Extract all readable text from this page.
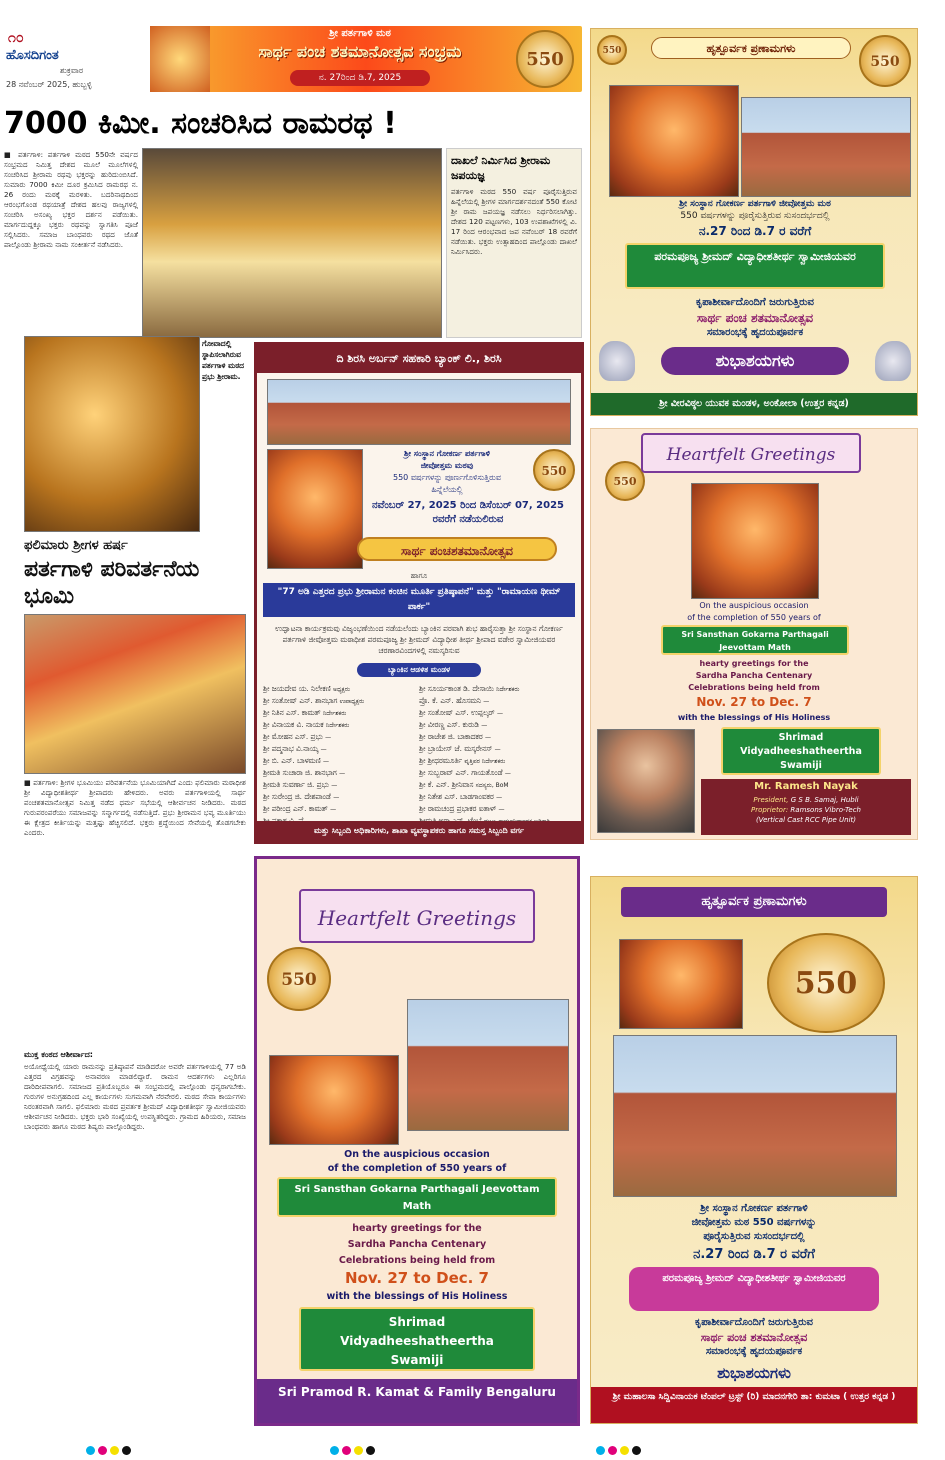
೧೦
ಹೊಸದಿಗಂತ
ಶುಕ್ರವಾರ
28 ನವೆಂಬರ್ 2025, ಹುಬ್ಬಳ್ಳಿ
ಶ್ರೀ ಪರ್ತಗಾಳಿ ಮಠ
ಸಾರ್ಥ ಪಂಚ ಶತಮಾನೋತ್ಸವ ಸಂಭ್ರಮ
ನ. 27ರಿಂದ ಡಿ.7, 2025
550
7000 ಕಿಮೀ. ಸಂಚರಿಸಿದ ರಾಮರಥ !
■ ಪರ್ತಗಾಳಿ: ಪರ್ತಗಾಳಿ ಮಠದ 550ನೇ ವರ್ಷದ ಸಂಭ್ರಮದ ನಿಮಿತ್ತ ದೇಶದ ಮೂಲೆ ಮೂಲೆಗಳಲ್ಲಿ ಸಂಚರಿಸಿದ ಶ್ರೀರಾಮ ರಥವು ಭಕ್ತರನ್ನು ಹುರಿದುಂಬಿಸಿದೆ. ಸುಮಾರು 7000 ಕಿಮೀ ದೂರ ಕ್ರಮಿಸಿದ ರಾಮರಥ ನ. 26 ರಂದು ಮಠಕ್ಕೆ ಮರಳಿತು. ಬದರಿನಾಥದಿಂದ ಆರಂಭಗೊಂಡ ರಥಯಾತ್ರೆ ದೇಶದ ಹಲವು ರಾಜ್ಯಗಳಲ್ಲಿ ಸಂಚರಿಸಿ ಅಸಂಖ್ಯ ಭಕ್ತರ ದರ್ಶನ ಪಡೆಯಿತು. ಮಾರ್ಗದುದ್ದಕ್ಕೂ ಭಕ್ತರು ರಥವನ್ನು ಸ್ವಾಗತಿಸಿ ಪೂಜೆ ಸಲ್ಲಿಸಿದರು. ಸಮಾಜ ಬಾಂಧವರು ರಥದ ಜೊತೆ ಪಾಲ್ಗೊಂಡು ಶ್ರೀರಾಮ ನಾಮ ಸಂಕೀರ್ತನೆ ನಡೆಸಿದರು.
ದಾಖಲೆ ನಿರ್ಮಿಸಿದ ಶ್ರೀರಾಮ ಜಪಯಜ್ಞ
ಪರ್ತಗಾಳಿ ಮಠದ 550 ವರ್ಷ ಪೂರೈಸುತ್ತಿರುವ ಹಿನ್ನೆಲೆಯಲ್ಲಿ ಶ್ರೀಗಳ ಮಾರ್ಗದರ್ಶನದಂತೆ 550 ಕೋಟಿ ಶ್ರೀ ರಾಮ ಜಪಯಜ್ಞ ನಡೆಸಲು ನಿರ್ಧರಿಸಲಾಗಿತ್ತು. ದೇಶದ 120 ಪಟ್ಟಣಗಳು, 103 ಉಪಶಾಖೆಗಳಲ್ಲಿ ವಿ. 17 ರಿಂದ ಆರಂಭವಾದ ಜಪ ನವೆಂಬರ್ 18 ರವರೆಗೆ ನಡೆಯಿತು. ಭಕ್ತರು ಉತ್ಸಾಹದಿಂದ ಪಾಲ್ಗೊಂಡು ದಾಖಲೆ ನಿರ್ಮಿಸಿದರು.
ಗೋವಾದಲ್ಲಿ ಸ್ಥಾಪಿಸಲಾಗಿರುವ ಪರ್ತಗಾಳಿ ಮಠದ ಪ್ರಭು ಶ್ರೀರಾಮ.
ಫಲಿಮಾರು ಶ್ರೀಗಳ ಹರ್ಷ
ಪರ್ತಗಾಳಿ ಪರಿವರ್ತನೆಯ ಭೂಮಿ
■ ಪರ್ತಗಾಳಿ: ಶ್ರೀಗಳ ಭೂಮಿಯು ಪರಿವರ್ತನೆಯ ಭೂಮಿಯಾಗಿದೆ ಎಂದು ಫಲಿಮಾರು ಮಠಾಧೀಶ ಶ್ರೀ ವಿದ್ಯಾಧೀಶತೀರ್ಥ ಶ್ರೀಪಾದರು ಹೇಳಿದರು. ಅವರು ಪರ್ತಗಾಳಿಯಲ್ಲಿ ಸಾರ್ಥ ಪಂಚಶತಮಾನೋತ್ಸವ ನಿಮಿತ್ತ ನಡೆದ ಧರ್ಮ ಸಭೆಯಲ್ಲಿ ಆಶೀರ್ವಚನ ನೀಡಿದರು. ಮಠದ ಗುರುಪರಂಪರೆಯು ಸಮಾಜವನ್ನು ಸನ್ಮಾರ್ಗದಲ್ಲಿ ನಡೆಸುತ್ತಿದೆ. ಪ್ರಭು ಶ್ರೀರಾಮನ ಭವ್ಯ ಮೂರ್ತಿಯು ಈ ಕ್ಷೇತ್ರದ ಕೀರ್ತಿಯನ್ನು ಮತ್ತಷ್ಟು ಹೆಚ್ಚಿಸಲಿದೆ. ಭಕ್ತರು ಶ್ರದ್ಧೆಯಿಂದ ಸೇವೆಯಲ್ಲಿ ತೊಡಗಬೇಕು ಎಂದರು.
ಮುಕ್ತ ಕಂಠದ ಆಶೀರ್ವಾದ:
ಅಯೋಧ್ಯೆಯಲ್ಲಿ ಯಾರು ರಾಮನನ್ನು ಪ್ರತಿಷ್ಠಾಪನೆ ಮಾಡಿದರೋ ಅವರೇ ಪರ್ತಗಾಳಿಯಲ್ಲಿ 77 ಅಡಿ ಎತ್ತರದ ವಿಗ್ರಹವನ್ನು ಅನಾವರಣ ಮಾಡಲಿದ್ದಾರೆ. ರಾಮನ ಆದರ್ಶಗಳು ಎಲ್ಲರಿಗೂ ದಾರಿದೀಪವಾಗಲಿ. ಸಮಾಜದ ಪ್ರತಿಯೊಬ್ಬರೂ ಈ ಸಂಭ್ರಮದಲ್ಲಿ ಪಾಲ್ಗೊಂಡು ಧನ್ಯರಾಗಬೇಕು. ಗುರುಗಳ ಅನುಗ್ರಹದಿಂದ ಎಲ್ಲ ಕಾರ್ಯಗಳು ಸುಗಮವಾಗಿ ನೆರವೇರಲಿ. ಮಠದ ಸೇವಾ ಕಾರ್ಯಗಳು ನಿರಂತರವಾಗಿ ಸಾಗಲಿ. ಫಲಿಮಾರು ಮಠದ ಪ್ರವರ್ತಕ ಶ್ರೀಮದ್ ವಿದ್ಯಾಧೀಶತೀರ್ಥ ಸ್ವಾಮೀಜಿಯವರು ಆಶೀರ್ವಚನ ನೀಡಿದರು. ಭಕ್ತರು ಭಾರಿ ಸಂಖ್ಯೆಯಲ್ಲಿ ಉಪಸ್ಥಿತರಿದ್ದರು. ಗ್ರಾಮದ ಹಿರಿಯರು, ಸಮಾಜ ಬಾಂಧವರು ಹಾಗೂ ಮಠದ ಶಿಷ್ಯರು ಪಾಲ್ಗೊಂಡಿದ್ದರು.
550	ಹೃತ್ಪೂರ್ವಕ ಪ್ರಣಾಮಗಳು
550
ಶ್ರೀ ಸಂಸ್ಥಾನ ಗೋಕರ್ಣ ಪರ್ತಗಾಳಿ ಜೀವೋತ್ತಮ ಮಠ
550 ವರ್ಷಗಳನ್ನು ಪೂರೈಸುತ್ತಿರುವ ಸುಸಂದರ್ಭದಲ್ಲಿ
ನ.27 ರಿಂದ ಡಿ.7 ರ ವರೆಗೆ
ಪರಮಪೂಜ್ಯ ಶ್ರೀಮದ್ ವಿದ್ಯಾಧೀಶತೀರ್ಥ ಸ್ವಾಮೀಜಿಯವರ
ಕೃಪಾಶೀರ್ವಾದೊಂದಿಗೆ ಜರುಗುತ್ತಿರುವ
ಸಾರ್ಥ ಪಂಚ ಶತಮಾನೋತ್ಸವ
ಸಮಾರಂಭಕ್ಕೆ ಹೃದಯಪೂರ್ವಕ
ಶುಭಾಶಯಗಳು
ಶ್ರೀ ವೀರವಿಠ್ಠಲ ಯುವಕ ಮಂಡಳ, ಅಂಕೋಲಾ (ಉತ್ತರ ಕನ್ನಡ)
ದಿ ಶಿರಸಿ ಅರ್ಬನ್ ಸಹಕಾರಿ ಬ್ಯಾಂಕ್ ಲಿ., ಶಿರಸಿ
ಶ್ರೀ ಸಂಸ್ಥಾನ ಗೋಕರ್ಣ ಪರ್ತಗಾಳಿ
ಜೀವೋತ್ತಮ ಮಠವು
550 ವರ್ಷಗಳನ್ನು ಪೂರ್ಣಗೊಳಿಸುತ್ತಿರುವ
ಹಿನ್ನೆಲೆಯಲ್ಲಿ
550
ನವೆಂಬರ್ 27, 2025 ರಿಂದ ಡಿಸೆಂಬರ್ 07, 2025 ರವರೆಗೆ ನಡೆಯಲಿರುವ
ಸಾರ್ಥ ಪಂಚಶತಮಾನೋತ್ಸವ
ಹಾಗೂ
"77 ಅಡಿ ಎತ್ತರದ ಪ್ರಭು ಶ್ರೀರಾಮನ ಕಂಚಿನ ಮೂರ್ತಿ ಪ್ರತಿಷ್ಠಾಪನೆ" ಮತ್ತು "ರಾಮಾಯಣ ಥೀಮ್ ಪಾರ್ಕ"
ಉದ್ಘಾಟನಾ ಕಾರ್ಯಕ್ರಮವು ವಿಜೃಂಭಣೆಯಿಂದ ನಡೆಯಲೆಂದು ಬ್ಯಾಂಕಿನ ಪರವಾಗಿ ಶುಭ ಹಾರೈಸುತ್ತಾ ಶ್ರೀ ಸಂಸ್ಥಾನ ಗೋಕರ್ಣ ಪರ್ತಗಾಳಿ ಜೀವೋತ್ತಮ ಮಠಾಧೀಶ ಪರಮಪೂಜ್ಯ ಶ್ರೀ ಶ್ರೀಮದ್ ವಿದ್ಯಾಧೀಶ ತೀರ್ಥ ಶ್ರೀಪಾದ ವಡೇರ ಸ್ವಾಮೀಜಿಯವರ ಚರಣಾರವಿಂದಗಳಲ್ಲಿ ನಮಸ್ಕರಿಸುವ
ಬ್ಯಾಂಕಿನ ಆಡಳಿತ ಮಂಡಳ
ಶ್ರೀ ಜಯದೇವ ಯ. ನಿಲೇಕಣಿ ಅಧ್ಯಕ್ಷರು
ಶ್ರೀ ಸಂತೋಷ್ ಎನ್. ಶಾನಭಾಗ ಉಪಾಧ್ಯಕ್ಷರು
ಶ್ರೀ ನಿತಿನ ಎಸ್. ಕಾಮತ್ ನಿರ್ದೇಶಕರು
ಶ್ರೀ ವಿನಾಯಕ ವಿ. ನಾಯಕ ನಿರ್ದೇಶಕರು
ಶ್ರೀ ಮೋಹನ ಎಸ್. ಪ್ರಭು —
ಶ್ರೀ ಪದ್ಮನಾಭ ವಿ.ನಾಯ್ಕ —
ಶ್ರೀ ಬಿ. ಎನ್. ಬಾಳಮಣಿ —
ಶ್ರೀಮತಿ ಸುಚಾರಾ ಜಿ. ಶಾನಭಾಗ —
ಶ್ರೀಮತಿ ಸುವರ್ಣಾ ಜಿ. ಪ್ರಭು —
ಶ್ರೀ ಸುರೇಂದ್ರ ಜಿ. ದೇಶಪಾಂಡೆ —
ಶ್ರೀ ಪರೀಂದ್ರ ಎನ್. ಕಾಮತ್ —
ಶ್ರೀ ಸೂರ್ಯಕಾಂತ ಡಿ. ದೇಸಾಯಿ ನಿರ್ದೇಶಕರು
ಪ್ರೊ. ಕೆ. ಎನ್. ಹೊಸಮನಿ —
ಶ್ರೀ ಸಂತೋಷ್ ಎಸ್. ಉಪ್ಪಲ್ಕರ್ —
ಶ್ರೀ ವೀರಣ್ಣ ಎಸ್. ಕುರುಡಿ —
ಶ್ರೀ ರಾಜೇಶ ಜಿ. ಬಾಕಾದಕರ —
ಶ್ರೀ ಬ್ರಾಯೇಸ್ ಜೆ. ಮಸ್ಕರೇನಸ್ —
ಶ್ರೀ ಶ್ರೀಧರಮೂರ್ತಿ ವೃತ್ತಿಪರ ನಿರ್ದೇಶಕರು
ಶ್ರೀ ಸುಬ್ಬರಾವ್ ಎನ್. ಗಾಯತೊಂಡೆ —
ಶ್ರೀ ಕೆ. ಎನ್. ಶ್ರೀನಿವಾಸ ಸದಸ್ಯರು, BoM
ಶ್ರೀ ನಿತೇಶ ಎಸ್. ಬಾಡಗಾಂವಕರ —
ಶ್ರೀ ರಾಮಚಂದ್ರ ಪ್ರಭಾಕರ ಐತಾಳ್ —
ಮತ್ತು ಸಿಬ್ಬಂದಿ ಅಧಿಕಾರಿಗಳು, ಶಾಖಾ ವ್ಯವಸ್ಥಾಪಕರು ಹಾಗೂ ಸಮಸ್ತ ಸಿಬ್ಬಂದಿ ವರ್ಗ
550
Heartfelt Greetings
On the auspicious occasion
of the completion of 550 years of
Sri Sansthan Gokarna Parthagali Jeevottam Math
hearty greetings for the
Sardha Pancha Centenary
Celebrations being held from
Nov. 27 to Dec. 7
with the blessings of His Holiness
Shrimad Vidyadheeshatheertha Swamiji
Mr. Ramesh Nayak
President, G S B. Samaj, Hubli
Proprietor: Ramsons Vibro-Tech
(Vertical Cast RCC Pipe Unit)
Heartfelt Greetings
550
On the auspicious occasion
of the completion of 550 years of
Sri Sansthan Gokarna Parthagali Jeevottam Math
hearty greetings for the
Sardha Pancha Centenary
Celebrations being held from
Nov. 27 to Dec. 7
with the blessings of His Holiness
Shrimad Vidyadheeshatheertha Swamiji
Sri Pramod R. Kamat & Family Bengaluru
ಹೃತ್ಪೂರ್ವಕ ಪ್ರಣಾಮಗಳು
550
ಶ್ರೀ ಸಂಸ್ಥಾನ ಗೋಕರ್ಣ ಪರ್ತಗಾಳಿ
ಜೀವೋತ್ತಮ ಮಠ 550 ವರ್ಷಗಳನ್ನು
ಪೂರೈಸುತ್ತಿರುವ ಸುಸಂದರ್ಭದಲ್ಲಿ
ನ.27 ರಿಂದ ಡಿ.7 ರ ವರೆಗೆ
ಪರಮಪೂಜ್ಯ ಶ್ರೀಮದ್ ವಿದ್ಯಾಧೀಶತೀರ್ಥ ಸ್ವಾಮೀಜಿಯವರ
ಕೃಪಾಶೀರ್ವಾದೊಂದಿಗೆ ಜರುಗುತ್ತಿರುವ
ಸಾರ್ಥ ಪಂಚ ಶತಮಾನೋತ್ಸವ
ಸಮಾರಂಭಕ್ಕೆ ಹೃದಯಪೂರ್ವಕ
ಶುಭಾಶಯಗಳು
ಶ್ರೀ ಮಹಾಲಸಾ ಸಿದ್ದಿವಿನಾಯಕ ಟೆಂಪಲ್ ಟ್ರಸ್ಟ್ (ರಿ) ಮಾದನಗೇರಿ ತಾ: ಕುಮಟಾ ( ಉತ್ತರ ಕನ್ನಡ )
